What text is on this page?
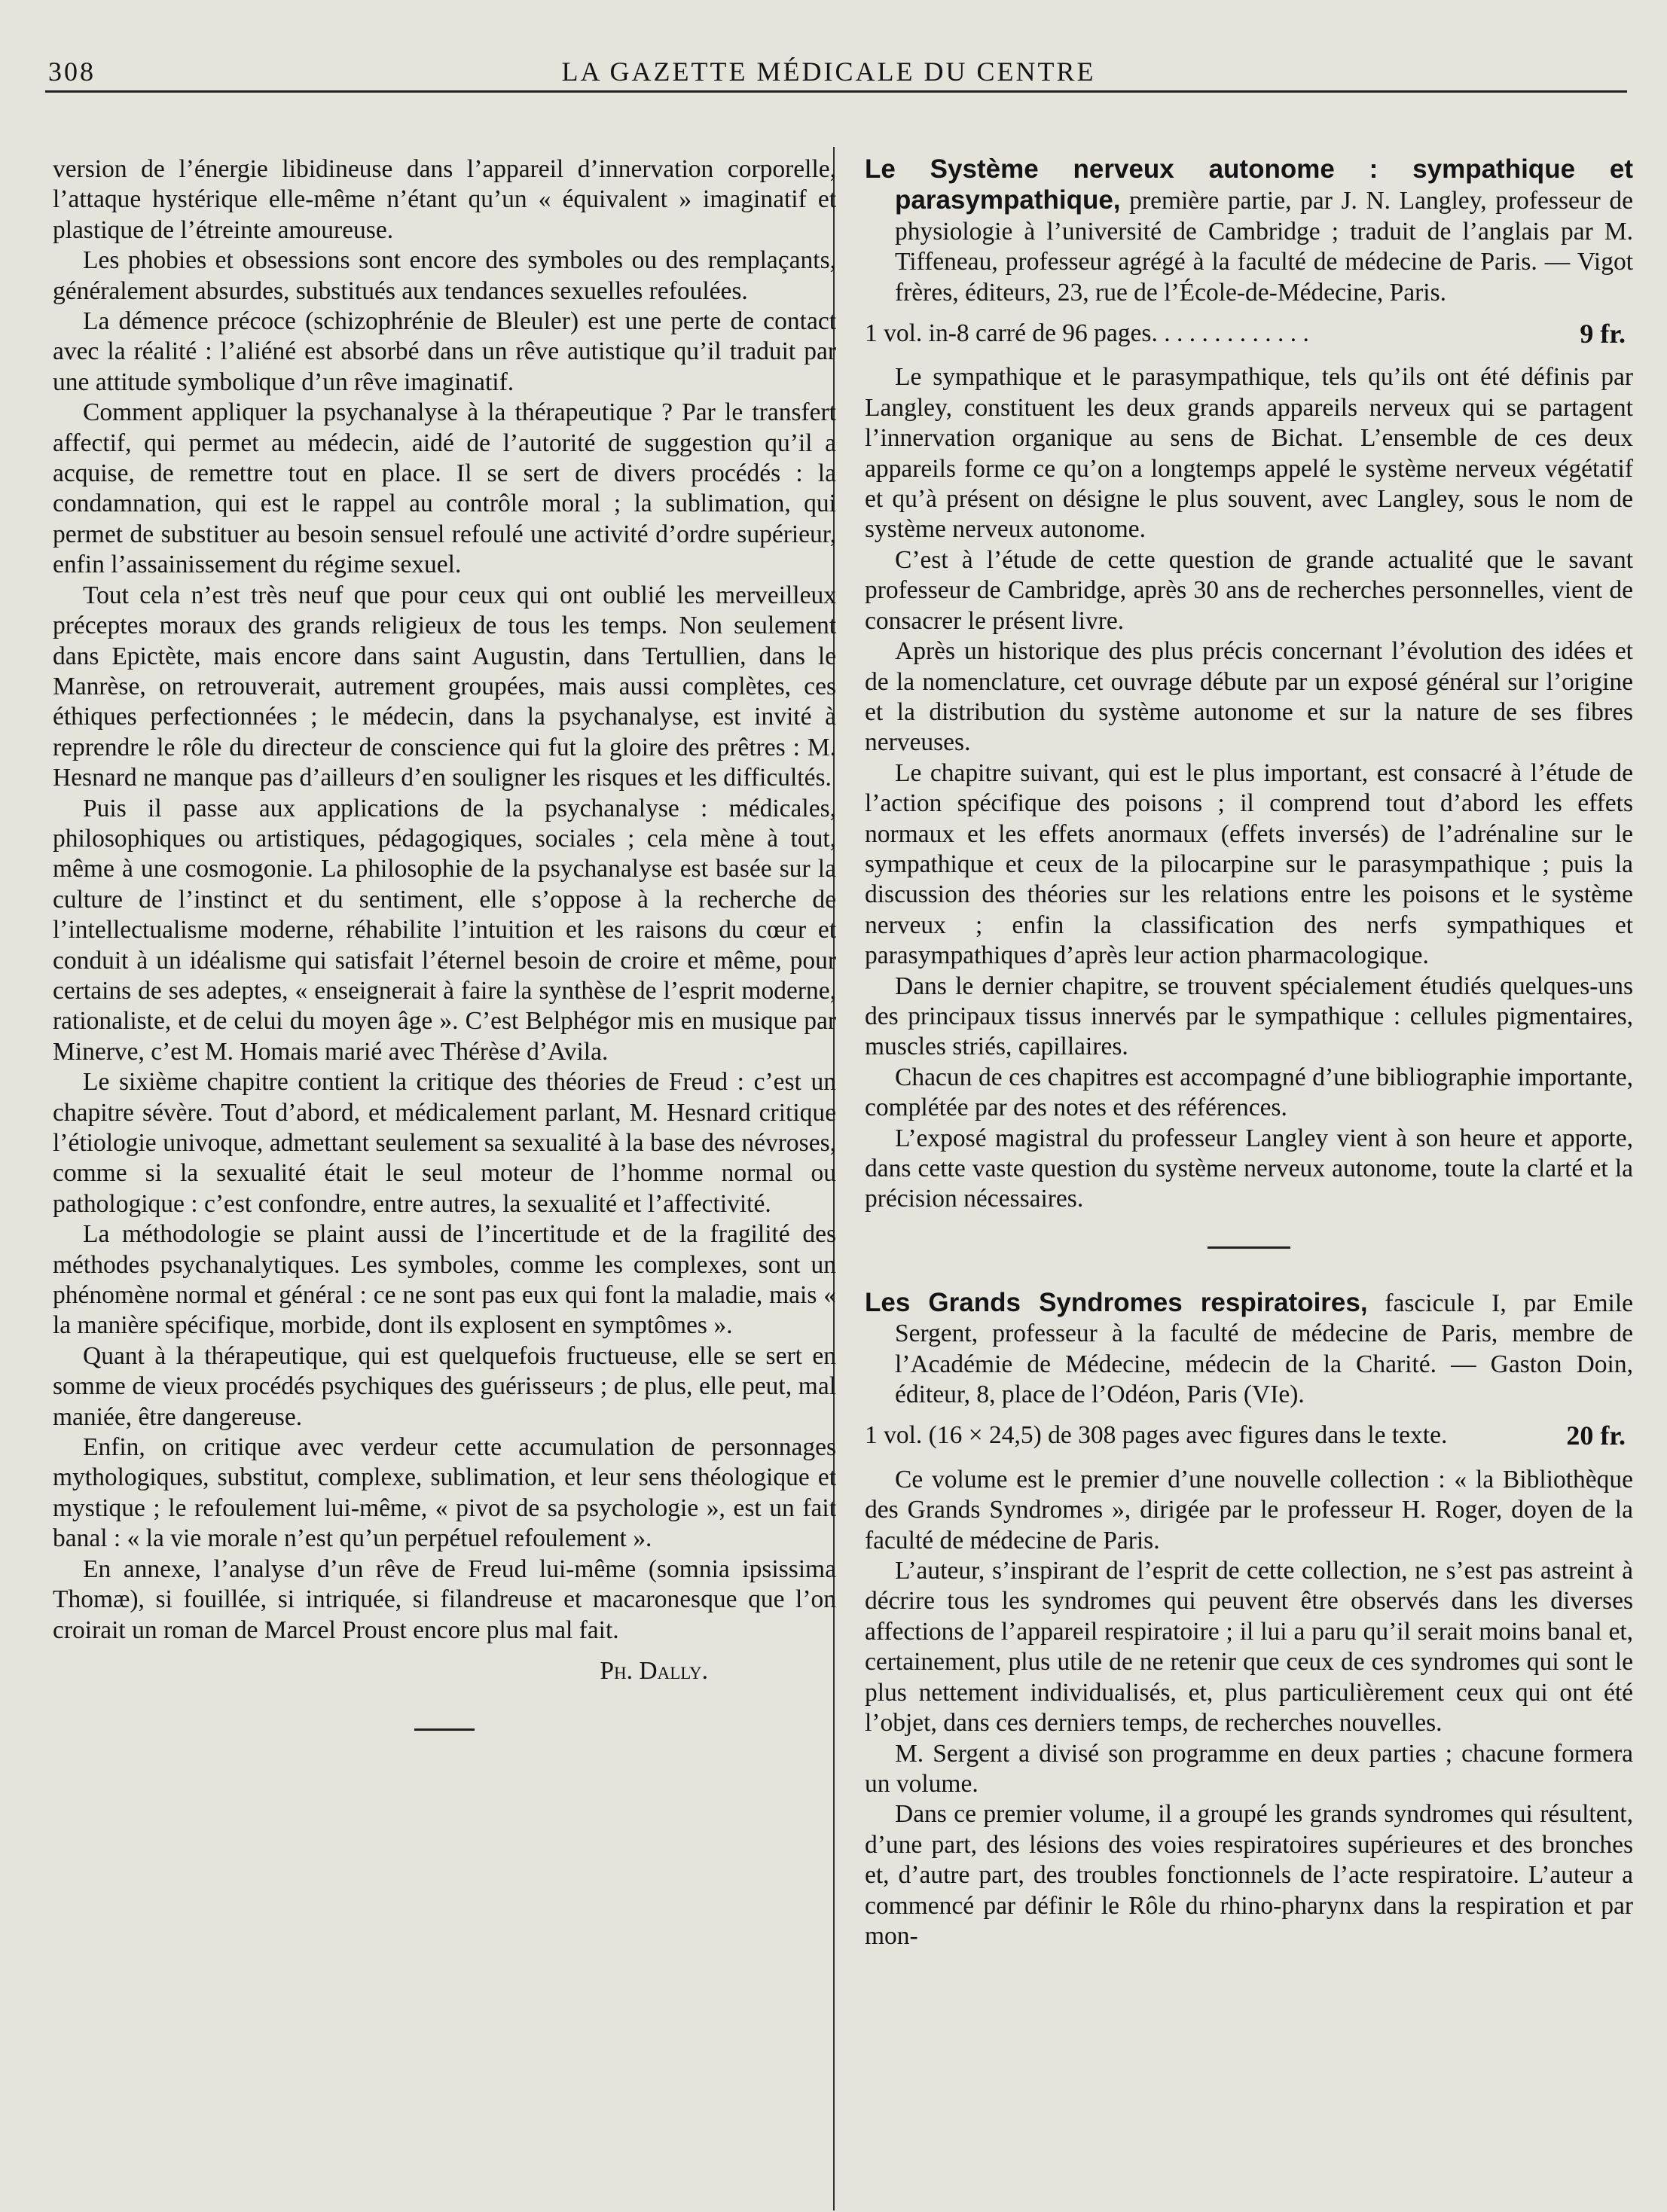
308	LA GAZETTE MÉDICALE DU CENTRE

version de l’énergie libidineuse dans l’appareil d’innervation corporelle, l’attaque hystérique elle-même n’étant qu’un « équivalent » imaginatif et plastique de l’étreinte amoureuse.

Les phobies et obsessions sont encore des symboles ou des remplaçants, généralement absurdes, substitués aux tendances sexuelles refoulées.

La démence précoce (schizophrénie de Bleuler) est une perte de contact avec la réalité : l’aliéné est absorbé dans un rêve autistique qu’il traduit par une attitude symbolique d’un rêve imaginatif.

Comment appliquer la psychanalyse à la thérapeutique ? Par le transfert affectif, qui permet au médecin, aidé de l’autorité de suggestion qu’il a acquise, de remettre tout en place. Il se sert de divers procédés : la condamnation, qui est le rappel au contrôle moral ; la sublimation, qui permet de substituer au besoin sensuel refoulé une activité d’ordre supérieur, enfin l’assainissement du régime sexuel.

Tout cela n’est très neuf que pour ceux qui ont oublié les merveilleux préceptes moraux des grands religieux de tous les temps. Non seulement dans Epictète, mais encore dans saint Augustin, dans Tertullien, dans le Manrèse, on retrouverait, autrement groupées, mais aussi complètes, ces éthiques perfectionnées ; le médecin, dans la psychanalyse, est invité à reprendre le rôle du directeur de conscience qui fut la gloire des prêtres : M. Hesnard ne manque pas d’ailleurs d’en souligner les risques et les difficultés.

Puis il passe aux applications de la psychanalyse : médicales, philosophiques ou artistiques, pédagogiques, sociales ; cela mène à tout, même à une cosmogonie. La philosophie de la psychanalyse est basée sur la culture de l’instinct et du sentiment, elle s’oppose à la recherche de l’intellectualisme moderne, réhabilite l’intuition et les raisons du cœur et conduit à un idéalisme qui satisfait l’éternel besoin de croire et même, pour certains de ses adeptes, « enseignerait à faire la synthèse de l’esprit moderne, rationaliste, et de celui du moyen âge ». C’est Belphégor mis en musique par Minerve, c’est M. Homais marié avec Thérèse d’Avila.

Le sixième chapitre contient la critique des théories de Freud : c’est un chapitre sévère. Tout d’abord, et médicalement parlant, M. Hesnard critique l’étiologie univoque, admettant seulement sa sexualité à la base des névroses, comme si la sexualité était le seul moteur de l’homme normal ou pathologique : c’est confondre, entre autres, la sexualité et l’affectivité.

La méthodologie se plaint aussi de l’incertitude et de la fragilité des méthodes psychanalytiques. Les symboles, comme les complexes, sont un phénomène normal et général : ce ne sont pas eux qui font la maladie, mais « la manière spécifique, morbide, dont ils explosent en symptômes ».

Quant à la thérapeutique, qui est quelquefois fructueuse, elle se sert en somme de vieux procédés psychiques des guérisseurs ; de plus, elle peut, mal maniée, être dangereuse.

Enfin, on critique avec verdeur cette accumulation de personnages mythologiques, substitut, complexe, sublimation, et leur sens théologique et mystique ; le refoulement lui-même, « pivot de sa psychologie », est un fait banal : « la vie morale n’est qu’un perpétuel refoulement ».

En annexe, l’analyse d’un rêve de Freud lui-même (somnia ipsissima Thomæ), si fouillée, si intriquée, si filandreuse et macaronesque que l’on croirait un roman de Marcel Proust encore plus mal fait.

Ph. Dally.

Le Système nerveux autonome : sympathique et parasympathique, première partie, par J. N. Langley, professeur de physiologie à l’université de Cambridge ; traduit de l’anglais par M. Tiffeneau, professeur agrégé à la faculté de médecine de Paris. — Vigot frères, éditeurs, 23, rue de l’École-de-Médecine, Paris.

1 vol. in-8 carré de 96 pages. . . . . . . . . . . . .	9 fr.

Le sympathique et le parasympathique, tels qu’ils ont été définis par Langley, constituent les deux grands appareils nerveux qui se partagent l’innervation organique au sens de Bichat. L’ensemble de ces deux appareils forme ce qu’on a longtemps appelé le système nerveux végétatif et qu’à présent on désigne le plus souvent, avec Langley, sous le nom de système nerveux autonome.

C’est à l’étude de cette question de grande actualité que le savant professeur de Cambridge, après 30 ans de recherches personnelles, vient de consacrer le présent livre.

Après un historique des plus précis concernant l’évolution des idées et de la nomenclature, cet ouvrage débute par un exposé général sur l’origine et la distribution du système autonome et sur la nature de ses fibres nerveuses.

Le chapitre suivant, qui est le plus important, est consacré à l’étude de l’action spécifique des poisons ; il comprend tout d’abord les effets normaux et les effets anormaux (effets inversés) de l’adrénaline sur le sympathique et ceux de la pilocarpine sur le parasympathique ; puis la discussion des théories sur les relations entre les poisons et le système nerveux ; enfin la classification des nerfs sympathiques et parasympathiques d’après leur action pharmacologique.

Dans le dernier chapitre, se trouvent spécialement étudiés quelques-uns des principaux tissus innervés par le sympathique : cellules pigmentaires, muscles striés, capillaires.

Chacun de ces chapitres est accompagné d’une bibliographie importante, complétée par des notes et des références.

L’exposé magistral du professeur Langley vient à son heure et apporte, dans cette vaste question du système nerveux autonome, toute la clarté et la précision nécessaires.

Les Grands Syndromes respiratoires, fascicule I, par Emile Sergent, professeur à la faculté de médecine de Paris, membre de l’Académie de Médecine, médecin de la Charité. — Gaston Doin, éditeur, 8, place de l’Odéon, Paris (VIe).

1 vol. (16 × 24,5) de 308 pages avec figures dans le texte.	20 fr.

Ce volume est le premier d’une nouvelle collection : « la Bibliothèque des Grands Syndromes », dirigée par le professeur H. Roger, doyen de la faculté de médecine de Paris.

L’auteur, s’inspirant de l’esprit de cette collection, ne s’est pas astreint à décrire tous les syndromes qui peuvent être observés dans les diverses affections de l’appareil respiratoire ; il lui a paru qu’il serait moins banal et, certainement, plus utile de ne retenir que ceux de ces syndromes qui sont le plus nettement individualisés, et, plus particulièrement ceux qui ont été l’objet, dans ces derniers temps, de recherches nouvelles.

M. Sergent a divisé son programme en deux parties ; chacune formera un volume.

Dans ce premier volume, il a groupé les grands syndromes qui résultent, d’une part, des lésions des voies respiratoires supérieures et des bronches et, d’autre part, des troubles fonctionnels de l’acte respiratoire. L’auteur a commencé par définir le Rôle du rhino-pharynx dans la respiration et par mon-
